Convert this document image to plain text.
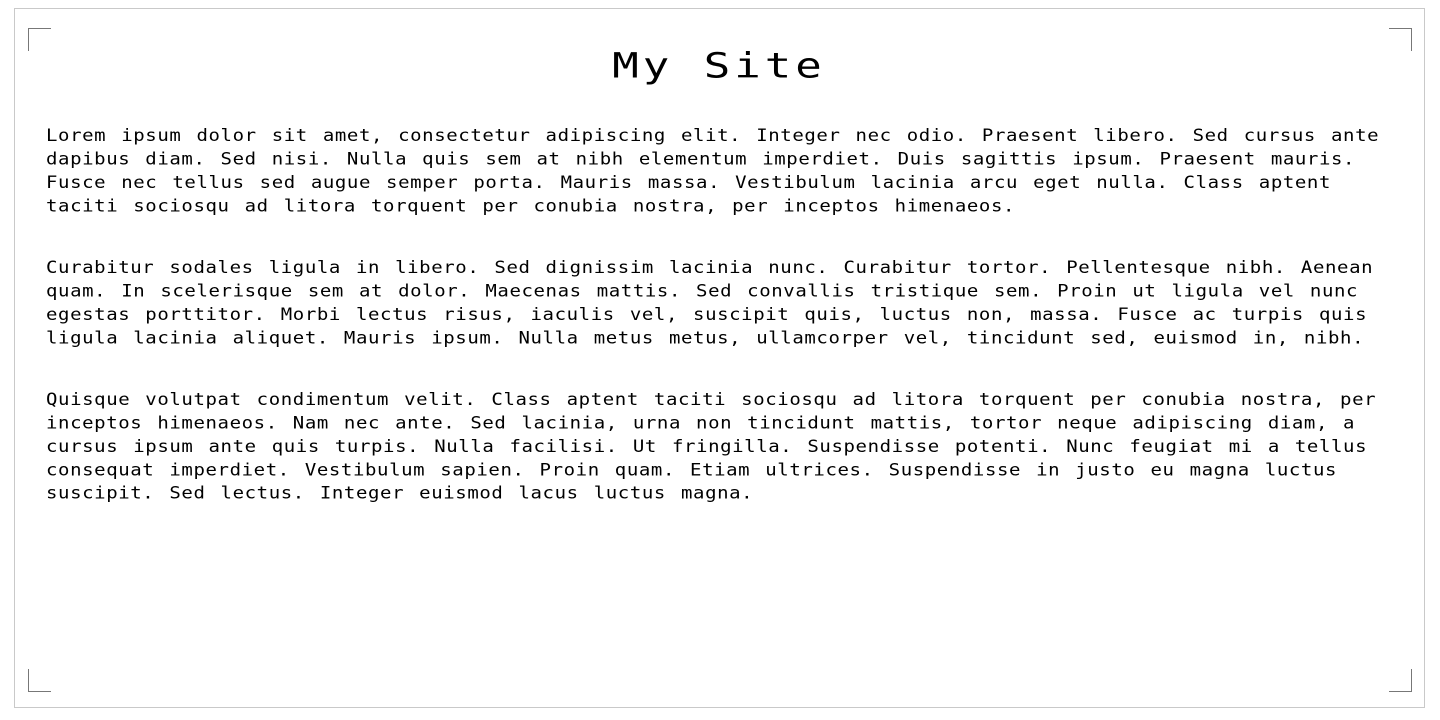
My Site

Lorem ipsum dolor sit amet, consectetur adipiscing elit. Integer nec odio. Praesent libero. Sed cursus ante dapibus diam. Sed nisi. Nulla quis sem at nibh elementum imperdiet. Duis sagittis ipsum. Praesent mauris. Fusce nec tellus sed augue semper porta. Mauris massa. Vestibulum lacinia arcu eget nulla. Class aptent taciti sociosqu ad litora torquent per conubia nostra, per inceptos himenaeos.

Curabitur sodales ligula in libero. Sed dignissim lacinia nunc. Curabitur tortor. Pellentesque nibh. Aenean quam. In scelerisque sem at dolor. Maecenas mattis. Sed convallis tristique sem. Proin ut ligula vel nunc egestas porttitor. Morbi lectus risus, iaculis vel, suscipit quis, luctus non, massa. Fusce ac turpis quis ligula lacinia aliquet. Mauris ipsum. Nulla metus metus, ullamcorper vel, tincidunt sed, euismod in, nibh.

Quisque volutpat condimentum velit. Class aptent taciti sociosqu ad litora torquent per conubia nostra, per inceptos himenaeos. Nam nec ante. Sed lacinia, urna non tincidunt mattis, tortor neque adipiscing diam, a cursus ipsum ante quis turpis. Nulla facilisi. Ut fringilla. Suspendisse potenti. Nunc feugiat mi a tellus consequat imperdiet. Vestibulum sapien. Proin quam. Etiam ultrices. Suspendisse in justo eu magna luctus suscipit. Sed lectus. Integer euismod lacus luctus magna.
